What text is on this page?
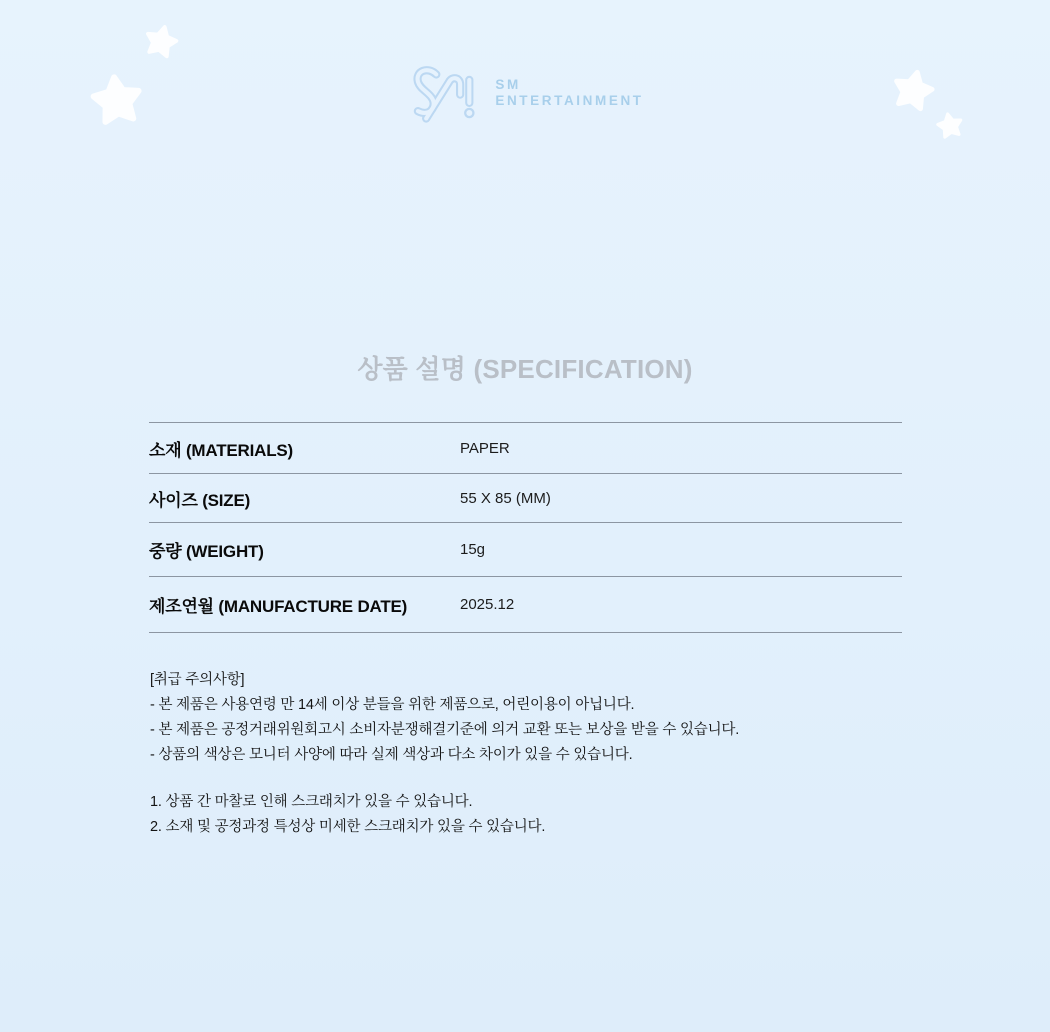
SM
ENTERTAINMENT
상품 설명 (SPECIFICATION)
소재 (MATERIALS)	PAPER
사이즈 (SIZE)	55 X 85 (MM)
중량 (WEIGHT)	15g
제조연월 (MANUFACTURE DATE)	2025.12

[취급 주의사항]

- 본 제품은 사용연령 만 14세 이상 분들을 위한 제품으로, 어린이용이 아닙니다.

- 본 제품은 공정거래위원회고시 소비자분쟁해결기준에 의거 교환 또는 보상을 받을 수 있습니다.

- 상품의 색상은 모니터 사양에 따라 실제 색상과 다소 차이가 있을 수 있습니다.

1. 상품 간 마찰로 인해 스크래치가 있을 수 있습니다.

2. 소재 및 공정과정 특성상 미세한 스크래치가 있을 수 있습니다.
